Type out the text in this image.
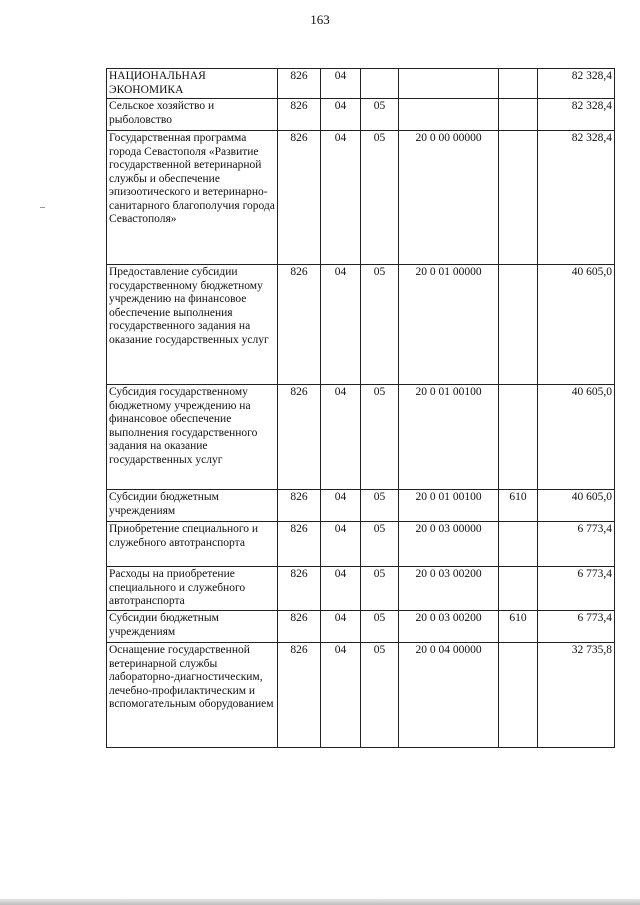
163
НАЦИОНАЛЬНАЯ ЭКОНОМИКА	826	04				82 328,4
Сельское хозяйство и рыболовство	826	04	05			82 328,4
Государственная программа города Севастополя «Развитие государственной ветеринарной службы и обеспечение эпизоотического и ветеринарно-санитарного благополучия города Севастополя»	826	04	05	20 0 00 00000		82 328,4
Предоставление субсидии государственному бюджетному учреждению на финансовое обеспечение выполнения государственного задания на оказание государственных услуг	826	04	05	20 0 01 00000		40 605,0
Субсидия государственному бюджетному учреждению на финансовое обеспечение выполнения государственного задания на оказание государственных услуг	826	04	05	20 0 01 00100		40 605,0
Субсидии бюджетным учреждениям	826	04	05	20 0 01 00100	610	40 605,0
Приобретение специального и служебного автотранспорта	826	04	05	20 0 03 00000		6 773,4
Расходы на приобретение специального и служебного автотранспорта	826	04	05	20 0 03 00200		6 773,4
Субсидии бюджетным учреждениям	826	04	05	20 0 03 00200	610	6 773,4
Оснащение государственной ветеринарной службы лабораторно-диагностическим, лечебно-профилактическим и вспомогательным оборудованием	826	04	05	20 0 04 00000		32 735,8
